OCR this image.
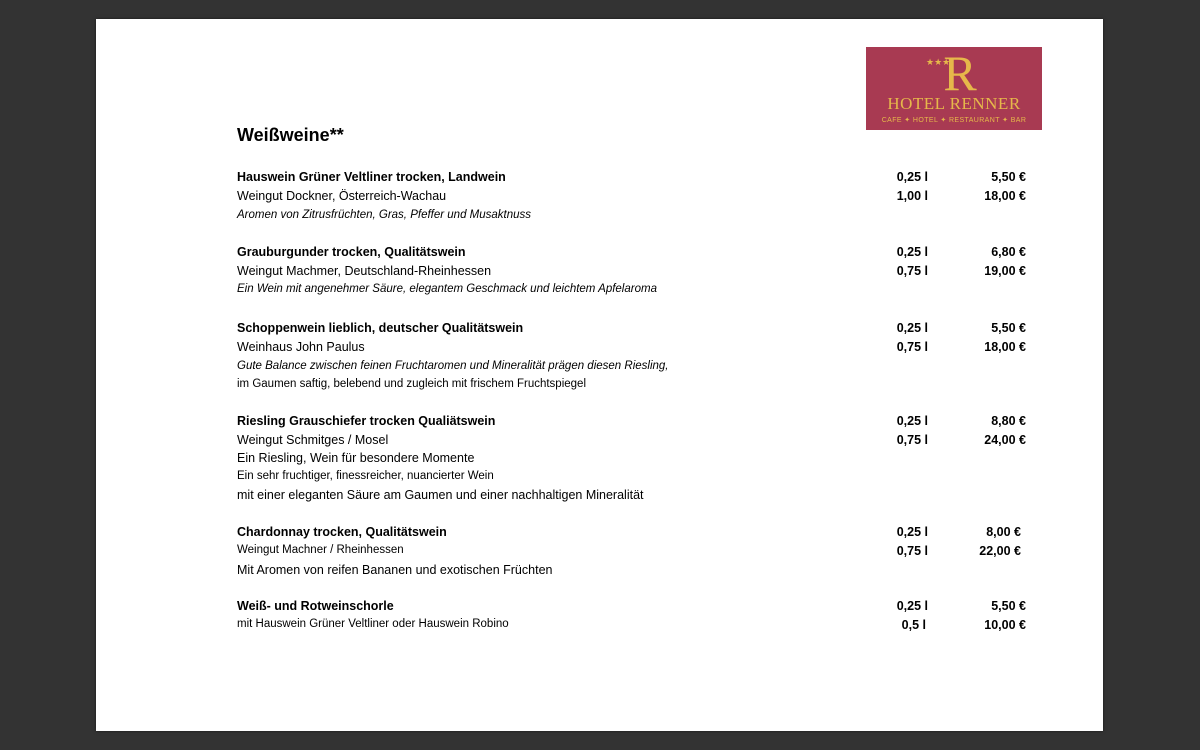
★★★
R
HOTEL RENNER
CAFE ✦ HOTEL ✦ RESTAURANT ✦ BAR
Weißweine**
Hauswein Grüner Veltliner trocken, Landwein
Weingut Dockner, Österreich-Wachau
Aromen von Zitrusfrüchten, Gras, Pfeffer und Musaktnuss
0,25 l	5,50 €
1,00 l	18,00 €
Grauburgunder trocken, Qualitätswein
Weingut Machmer, Deutschland-Rheinhessen
Ein Wein mit angenehmer Säure, elegantem Geschmack und leichtem Apfelaroma
0,25 l	6,80 €
0,75 l	19,00 €
Schoppenwein lieblich, deutscher Qualitätswein
Weinhaus John Paulus
Gute Balance zwischen feinen Fruchtaromen und Mineralität prägen diesen Riesling,
im Gaumen saftig, belebend und zugleich mit frischem Fruchtspiegel
0,25 l	5,50 €
0,75 l	18,00 €
Riesling Grauschiefer trocken Qualiätswein
Weingut Schmitges / Mosel
Ein Riesling, Wein für besondere Momente
Ein sehr fruchtiger, finessreicher, nuancierter Wein
mit einer eleganten Säure am Gaumen und einer nachhaltigen Mineralität
0,25 l	8,80 €
0,75 l	24,00 €
Chardonnay trocken, Qualitätswein
Weingut Machner / Rheinhessen
Mit Aromen von reifen Bananen und exotischen Früchten
0,25 l	8,00 €
0,75 l	22,00 €
Weiß- und Rotweinschorle
mit Hauswein Grüner Veltliner oder Hauswein Robino
0,25 l	5,50 €
0,5 l	10,00 €
